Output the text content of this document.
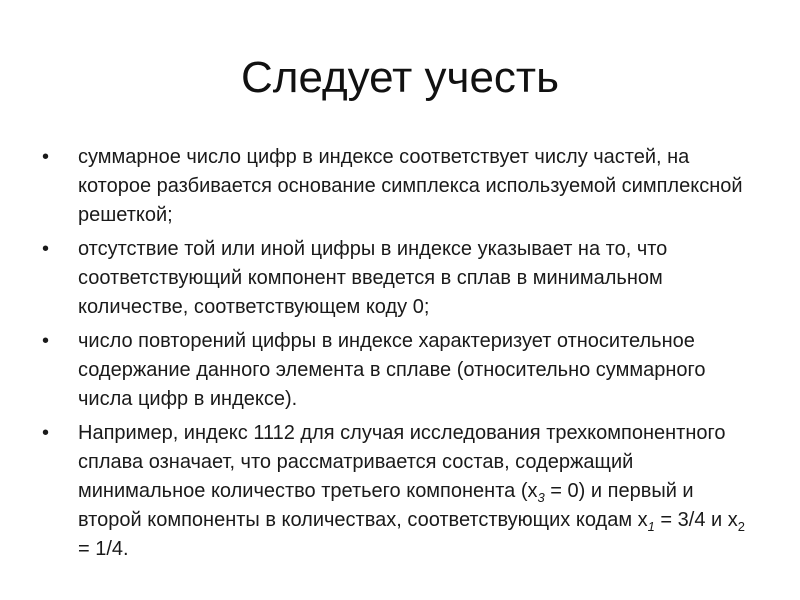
Следует учесть
• суммарное число цифр в индексе соответствует числу частей, на которое разбивается основание симплекса используемой симплексной решеткой;
• отсутствие той или иной цифры в индексе указывает на то, что соответствующий компонент введется в сплав в минимальном количестве, соответствующем коду 0;
• число повторений цифры в индексе характеризует относительное содержание данного элемента в сплаве (относительно суммарного числа цифр в индексе).
• Например, индекс 1112 для случая исследования трехкомпонентного сплава означает, что рассматривается состав, содержащий минимальное количество третьего компонента $(х_3 = 0)$ и первый и второй компоненты в количествах, соответствующих кодам $х_1 = 3/4$ и $х_2 = 1/4$.
